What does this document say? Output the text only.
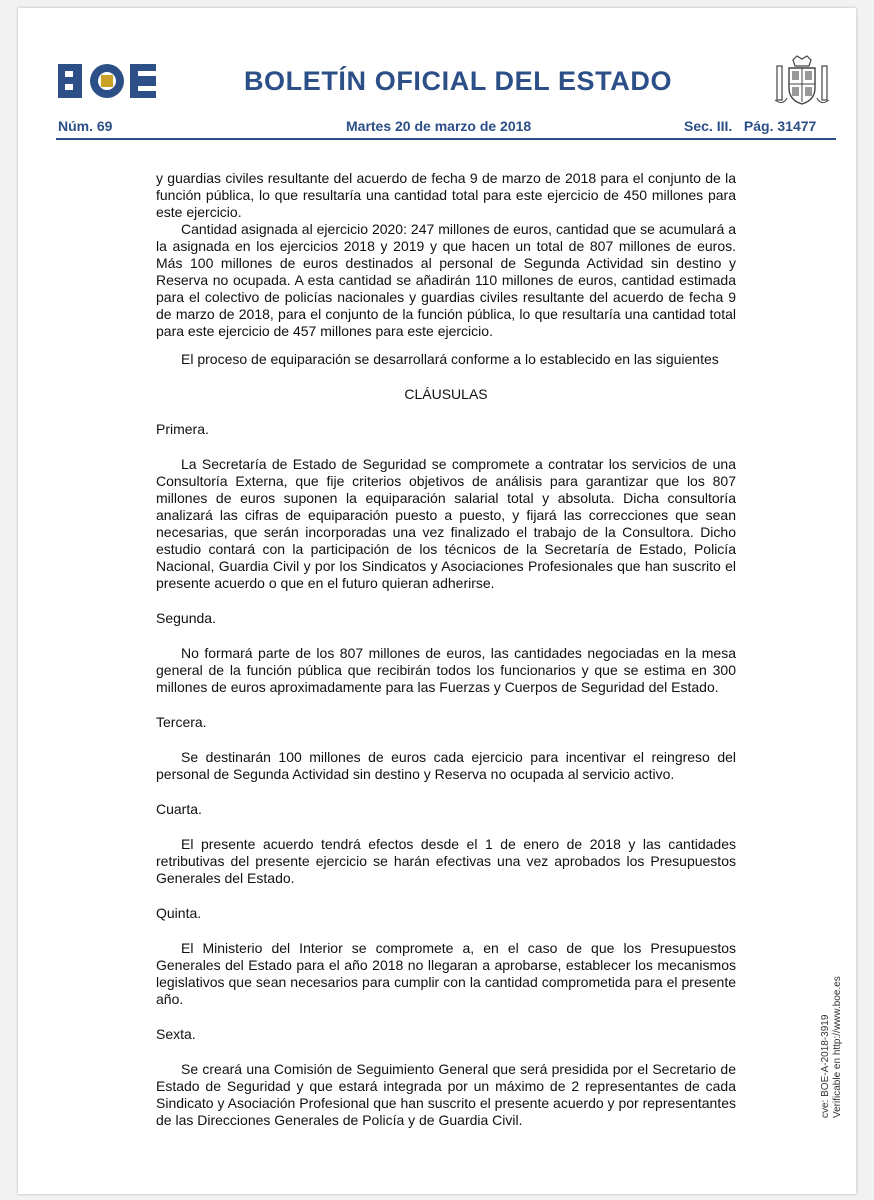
BOLETÍN OFICIAL DEL ESTADO
Núm. 69	Martes 20 de marzo de 2018	Sec. III.   Pág. 31477

y guardias civiles resultante del acuerdo de fecha 9 de marzo de 2018 para el conjunto de la función pública, lo que resultaría una cantidad total para este ejercicio de 450 millones para este ejercicio.

Cantidad asignada al ejercicio 2020: 247 millones de euros, cantidad que se acumulará a la asignada en los ejercicios 2018 y 2019 y que hacen un total de 807 millones de euros. Más 100 millones de euros destinados al personal de Segunda Actividad sin destino y Reserva no ocupada. A esta cantidad se añadirán 110 millones de euros, cantidad estimada para el colectivo de policías nacionales y guardias civiles resultante del acuerdo de fecha 9 de marzo de 2018, para el conjunto de la función pública, lo que resultaría una cantidad total para este ejercicio de 457 millones para este ejercicio.

El proceso de equiparación se desarrollará conforme a lo establecido en las siguientes

CLÁUSULAS

Primera.

La Secretaría de Estado de Seguridad se compromete a contratar los servicios de una Consultoría Externa, que fije criterios objetivos de análisis para garantizar que los 807 millones de euros suponen la equiparación salarial total y absoluta. Dicha consultoría analizará las cifras de equiparación puesto a puesto, y fijará las correcciones que sean necesarias, que serán incorporadas una vez finalizado el trabajo de la Consultora. Dicho estudio contará con la participación de los técnicos de la Secretaría de Estado, Policía Nacional, Guardia Civil y por los Sindicatos y Asociaciones Profesionales que han suscrito el presente acuerdo o que en el futuro quieran adherirse.

Segunda.

No formará parte de los 807 millones de euros, las cantidades negociadas en la mesa general de la función pública que recibirán todos los funcionarios y que se estima en 300 millones de euros aproximadamente para las Fuerzas y Cuerpos de Seguridad del Estado.

Tercera.

Se destinarán 100 millones de euros cada ejercicio para incentivar el reingreso del personal de Segunda Actividad sin destino y Reserva no ocupada al servicio activo.

Cuarta.

El presente acuerdo tendrá efectos desde el 1 de enero de 2018 y las cantidades retributivas del presente ejercicio se harán efectivas una vez aprobados los Presupuestos Generales del Estado.

Quinta.

El Ministerio del Interior se compromete a, en el caso de que los Presupuestos Generales del Estado para el año 2018 no llegaran a aprobarse, establecer los mecanismos legislativos que sean necesarios para cumplir con la cantidad comprometida para el presente año.

Sexta.

Se creará una Comisión de Seguimiento General que será presidida por el Secretario de Estado de Seguridad y que estará integrada por un máximo de 2 representantes de cada Sindicato y Asociación Profesional que han suscrito el presente acuerdo y por representantes de las Direcciones Generales de Policía y de Guardia Civil.

cve: BOE-A-2018-3919 Verificable en http://www.boe.es
